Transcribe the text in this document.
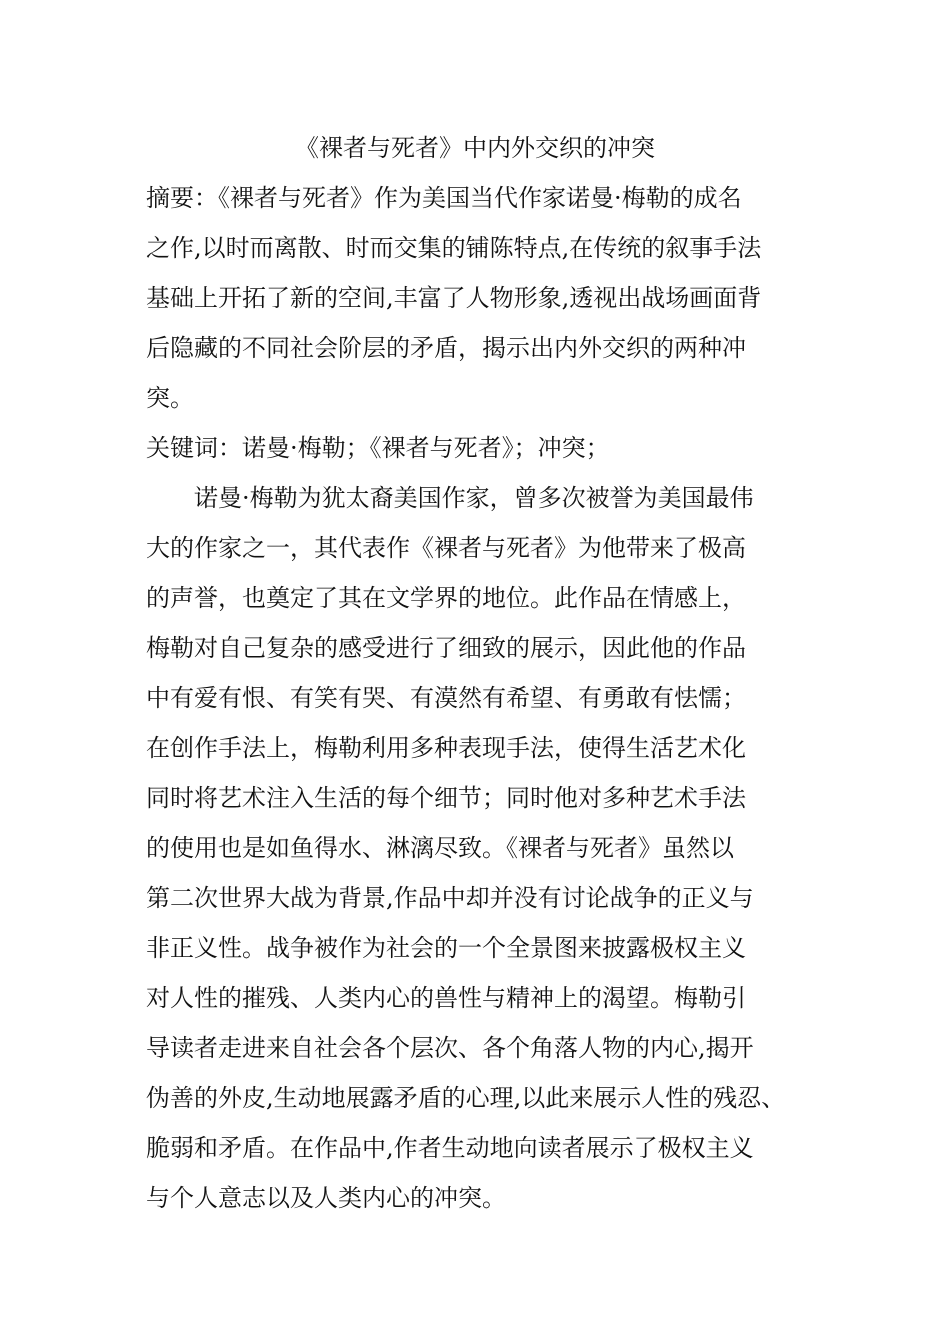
《裸者与死者》中内外交织的冲突
摘要：《裸者与死者》作为美国当代作家诺曼·梅勒的成名
之作,以时而离散、时而交集的铺陈特点,在传统的叙事手法
基础上开拓了新的空间,丰富了人物形象,透视出战场画面背
后隐藏的不同社会阶层的矛盾，揭示出内外交织的两种冲
突。
关键词：诺曼·梅勒；《裸者与死者》；冲突；
　　诺曼·梅勒为犹太裔美国作家，曾多次被誉为美国最伟
大的作家之一，其代表作《裸者与死者》为他带来了极高
的声誉，也奠定了其在文学界的地位。此作品在情感上，
梅勒对自己复杂的感受进行了细致的展示，因此他的作品
中有爱有恨、有笑有哭、有漠然有希望、有勇敢有怯懦；
在创作手法上，梅勒利用多种表现手法，使得生活艺术化
同时将艺术注入生活的每个细节；同时他对多种艺术手法
的使用也是如鱼得水、淋漓尽致。《裸者与死者》虽然以
第二次世界大战为背景,作品中却并没有讨论战争的正义与
非正义性。战争被作为社会的一个全景图来披露极权主义
对人性的摧残、人类内心的兽性与精神上的渴望。梅勒引
导读者走进来自社会各个层次、各个角落人物的内心,揭开
伪善的外皮,生动地展露矛盾的心理,以此来展示人性的残忍、
脆弱和矛盾。在作品中,作者生动地向读者展示了极权主义
与个人意志以及人类内心的冲突。
